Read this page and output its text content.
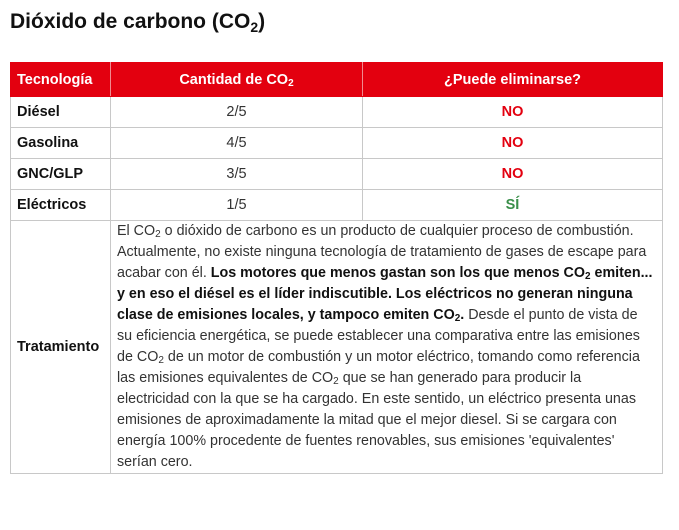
Dióxido de carbono $(CO_2)$
Tecnología	Cantidad de $CO_2$	¿Puede eliminarse?
Diésel	2/5	NO
Gasolina	4/5	NO
GNC/GLP	3/5	NO
Eléctricos	1/5	SÍ
Tratamiento	El $CO_2$ o dióxido de carbono es un producto de cualquier proceso de combustión. Actualmente, no existe ninguna tecnología de tratamiento de gases de escape para acabar con él. Los motores que menos gastan son los que menos $CO_2$ emiten... y en eso el diésel es el líder indiscutible. Los eléctricos no generan ninguna clase de emisiones locales, y tampoco emiten $CO_2$. Desde el punto de vista de su eficiencia energética, se puede establecer una comparativa entre las emisiones de $CO_2$ de un motor de combustión y un motor eléctrico, tomando como referencia las emisiones equivalentes de $CO_2$ que se han generado para producir la electricidad con la que se ha cargado. En este sentido, un eléctrico presenta unas emisiones de aproximadamente la mitad que el mejor diesel. Si se cargara con energía 100% procedente de fuentes renovables, sus emisiones 'equivalentes' serían cero.	
